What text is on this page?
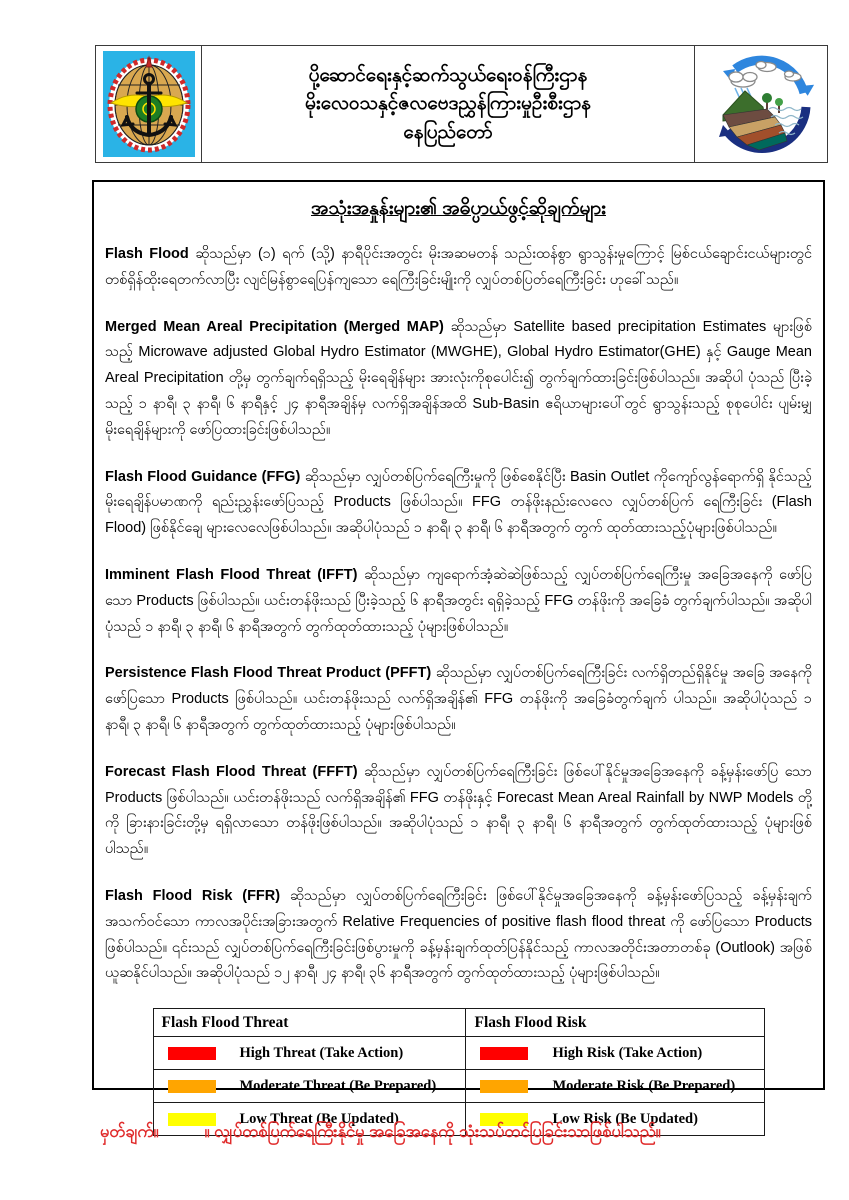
ပို့ဆောင်ရေးနှင့်ဆက်သွယ်ရေးဝန်ကြီးဌာန
မိုးလေဝသနှင့်ဇလဗေဒညွှန်ကြားမှုဦးစီးဌာန
နေပြည်တော်
အသုံးအနှုန်းများ၏ အဓိပ္ပာယ်ဖွင့်ဆိုချက်များ

Flash Flood ဆိုသည်မှာ (၁) ရက် (သို့) နာရီပိုင်းအတွင်း မိုးအဆမတန် သည်းထန်စွာ ရွာသွန်းမှုကြောင့် မြစ်ငယ်ချောင်းငယ်များတွင် တစ်ရှိန်ထိုးရေတက်လာပြီး လျင်မြန်စွာရေပြန်ကျသော ရေကြီးခြင်းမျိုးကို လျှပ်တစ်ပြတ်ရေကြီးခြင်း ဟုခေါ်သည်။

Merged Mean Areal Precipitation (Merged MAP) ဆိုသည်မှာ Satellite based precipitation Estimates များဖြစ် သည့် Microwave adjusted Global Hydro Estimator (MWGHE), Global Hydro Estimator(GHE) နှင့် Gauge Mean Areal Precipitation တို့မှ တွက်ချက်ရရှိသည့် မိုးရေချိန်များ အားလုံးကိုစုပေါင်း၍ တွက်ချက်ထားခြင်းဖြစ်ပါသည်။ အဆိုပါ ပုံသည် ပြီးခဲ့သည့် ၁ နာရီ၊ ၃ နာရီ၊ ၆ နာရီနှင့် ၂၄ နာရီအချိန်မှ လက်ရှိအချိန်အထိ Sub-Basin ဧရိယာများပေါ်တွင် ရွာသွန်းသည့် စုစုပေါင်း ပျမ်းမျှ မိုးရေချိန်များကို ဖော်ပြထားခြင်းဖြစ်ပါသည်။

Flash Flood Guidance (FFG) ဆိုသည်မှာ လျှပ်တစ်ပြက်ရေကြီးမှုကို ဖြစ်စေနိုင်ပြီး Basin Outlet ကိုကျော်လွန်ရောက်ရှိ နိုင်သည့် မိုးရေချိန်ပမာဏကို ရည်းညွှန်းဖော်ပြသည့် Products ဖြစ်ပါသည်။ FFG တန်ဖိုးနည်းလေလေ လျှပ်တစ်ပြက် ရေကြီးခြင်း (Flash Flood) ဖြစ်နိုင်ချေ များလေလေဖြစ်ပါသည်။ အဆိုပါပုံသည် ၁ နာရီ၊ ၃ နာရီ၊ ၆ နာရီအတွက် တွက် ထုတ်ထားသည့်ပုံများဖြစ်ပါသည်။

Imminent Flash Flood Threat (IFFT) ဆိုသည်မှာ ကျရောက်အံ့ဆဲဆဲဖြစ်သည့် လျှပ်တစ်ပြက်ရေကြီးမှု အခြေအနေကို ဖော်ပြသော Products ဖြစ်ပါသည်။ ယင်းတန်ဖိုးသည် ပြီးခဲ့သည့် ၆ နာရီအတွင်း ရရှိခဲ့သည့် FFG တန်ဖိုးကို အခြေခံ တွက်ချက်ပါသည်။ အဆိုပါပုံသည် ၁ နာရီ၊ ၃ နာရီ၊ ၆ နာရီအတွက် တွက်ထုတ်ထားသည့် ပုံများဖြစ်ပါသည်။

Persistence Flash Flood Threat Product (PFFT) ဆိုသည်မှာ လျှပ်တစ်ပြက်ရေကြီးခြင်း လက်ရှိတည်ရှိနိုင်မှု အခြေ အနေကို ဖော်ပြသော Products ဖြစ်ပါသည်။ ယင်းတန်ဖိုးသည် လက်ရှိအချိန်၏ FFG တန်ဖိုးကို အခြေခံတွက်ချက် ပါသည်။ အဆိုပါပုံသည် ၁ နာရီ၊ ၃ နာရီ၊ ၆ နာရီအတွက် တွက်ထုတ်ထားသည့် ပုံများဖြစ်ပါသည်။

Forecast Flash Flood Threat (FFFT) ဆိုသည်မှာ လျှပ်တစ်ပြက်ရေကြီးခြင်း ဖြစ်ပေါ်နိုင်မှုအခြေအနေကို ခန့်မှန်းဖော်ပြ သော Products ဖြစ်ပါသည်။ ယင်းတန်ဖိုးသည် လက်ရှိအချိန်၏ FFG တန်ဖိုးနှင့် Forecast Mean Areal Rainfall by NWP Models တို့ကို ခြားနားခြင်းတို့မှ ရရှိလာသော တန်ဖိုးဖြစ်ပါသည်။ အဆိုပါပုံသည် ၁ နာရီ၊ ၃ နာရီ၊ ၆ နာရီအတွက် တွက်ထုတ်ထားသည့် ပုံများဖြစ်ပါသည်။

Flash Flood Risk (FFR) ဆိုသည်မှာ လျှပ်တစ်ပြက်ရေကြီးခြင်း ဖြစ်ပေါ်နိုင်မှုအခြေအနေကို ခန့်မှန်းဖော်ပြသည့် ခန့်မှန်းချက် အသက်ဝင်သော ကာလအပိုင်းအခြားအတွက် Relative Frequencies of positive flash flood threat ကို ဖော်ပြသော Products ဖြစ်ပါသည်။ ၎င်းသည် လျှပ်တစ်ပြက်ရေကြီးခြင်းဖြစ်ပွားမှုကို ခန့်မှန်းချက်ထုတ်ပြန်နိုင်သည့် ကာလအတိုင်းအတာတစ်ခု (Outlook) အဖြစ် ယူဆနိုင်ပါသည်။ အဆိုပါပုံသည် ၁၂ နာရီ၊ ၂၄ နာရီ၊ ၃၆ နာရီအတွက် တွက်ထုတ်ထားသည့် ပုံများဖြစ်ပါသည်။

Flash Flood Threat	Flash Flood Risk

High Threat (Take Action)	High Risk (Take Action)

Moderate Threat (Be Prepared)	Moderate Risk (Be Prepared)

Low Threat (Be Updated)	Low Risk (Be Updated)
မှတ်ချက်။	။ လျှပ်တစ်ပြက်ရေကြီးနိုင်မှု အခြေအနေကို သုံးသပ်တင်ပြခြင်းသာဖြစ်ပါသည်။
